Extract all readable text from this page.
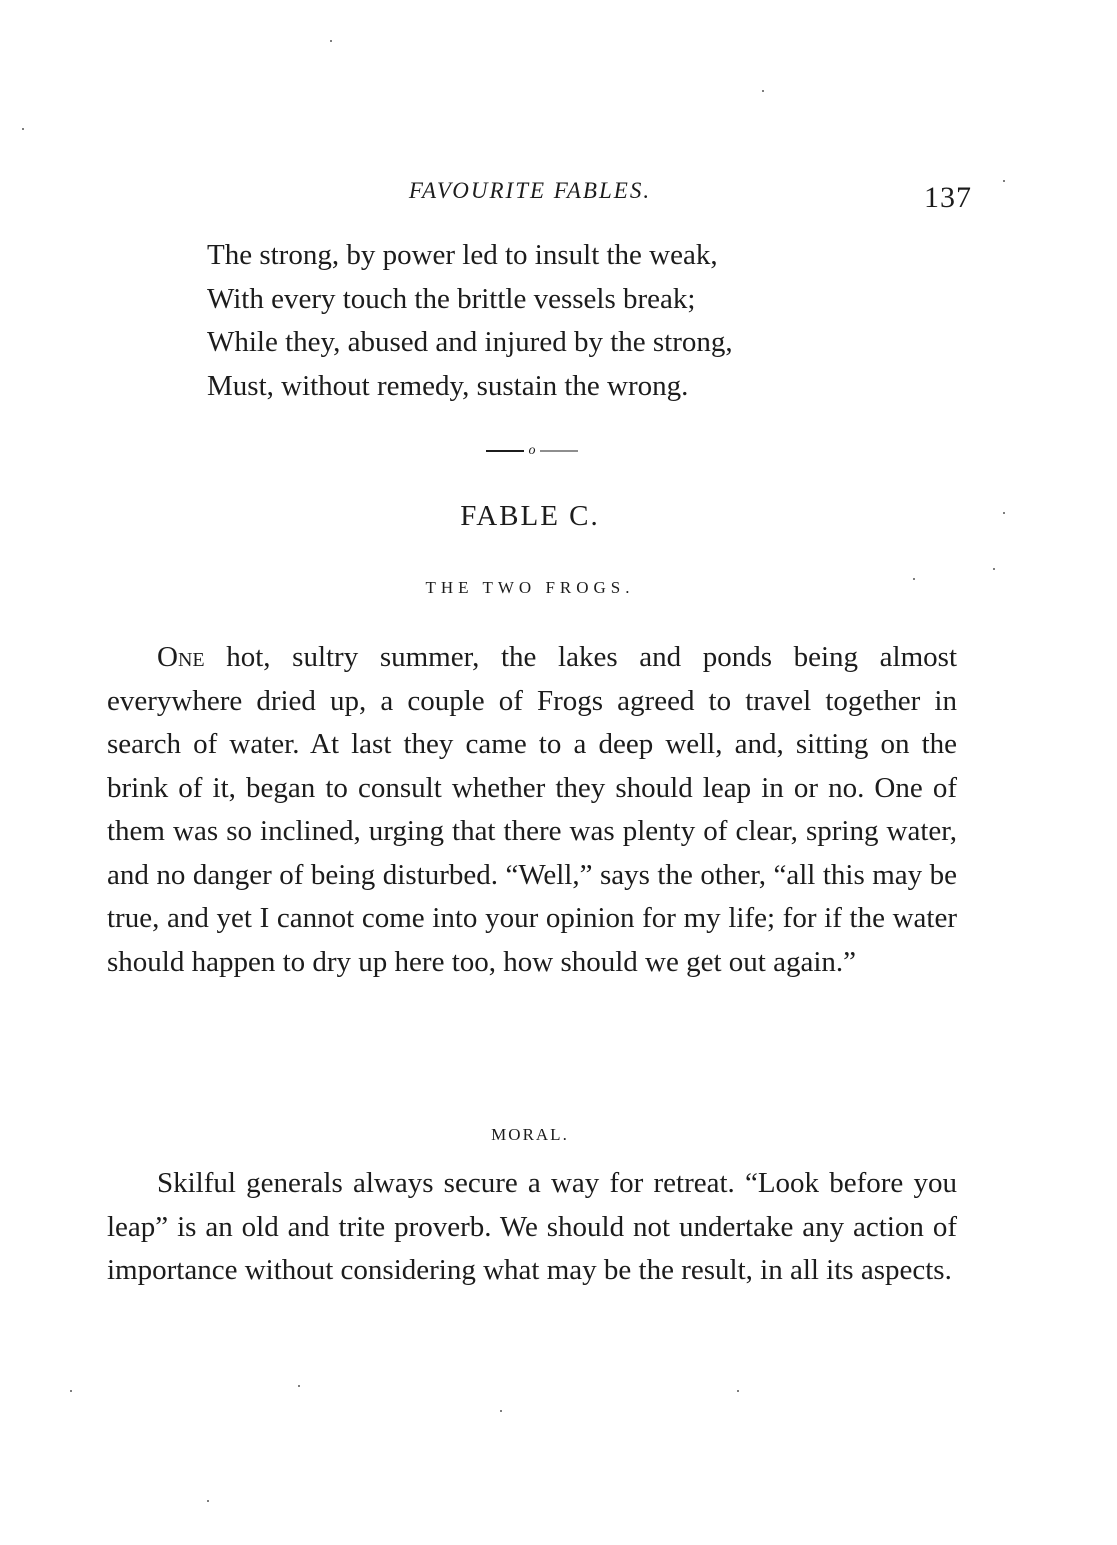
FAVOURITE FABLES.	137
The strong, by power led to insult the weak,
With every touch the brittle vessels break;
While they, abused and injured by the strong,
Must, without remedy, sustain the wrong.
o
FABLE C.
THE TWO FROGS.

One hot, sultry summer, the lakes and ponds being almost everywhere dried up, a couple of Frogs agreed to travel together in search of water. At last they came to a deep well, and, sitting on the brink of it, began to consult whether they should leap in or no. One of them was so inclined, urging that there was plenty of clear, spring water, and no danger of being disturbed. “Well,” says the other, “all this may be true, and yet I cannot come into your opinion for my life; for if the water should happen to dry up here too, how should we get out again.”

MORAL.

Skilful generals always secure a way for retreat. “Look before you leap” is an old and trite proverb. We should not undertake any action of importance without considering what may be the result, in all its aspects.
